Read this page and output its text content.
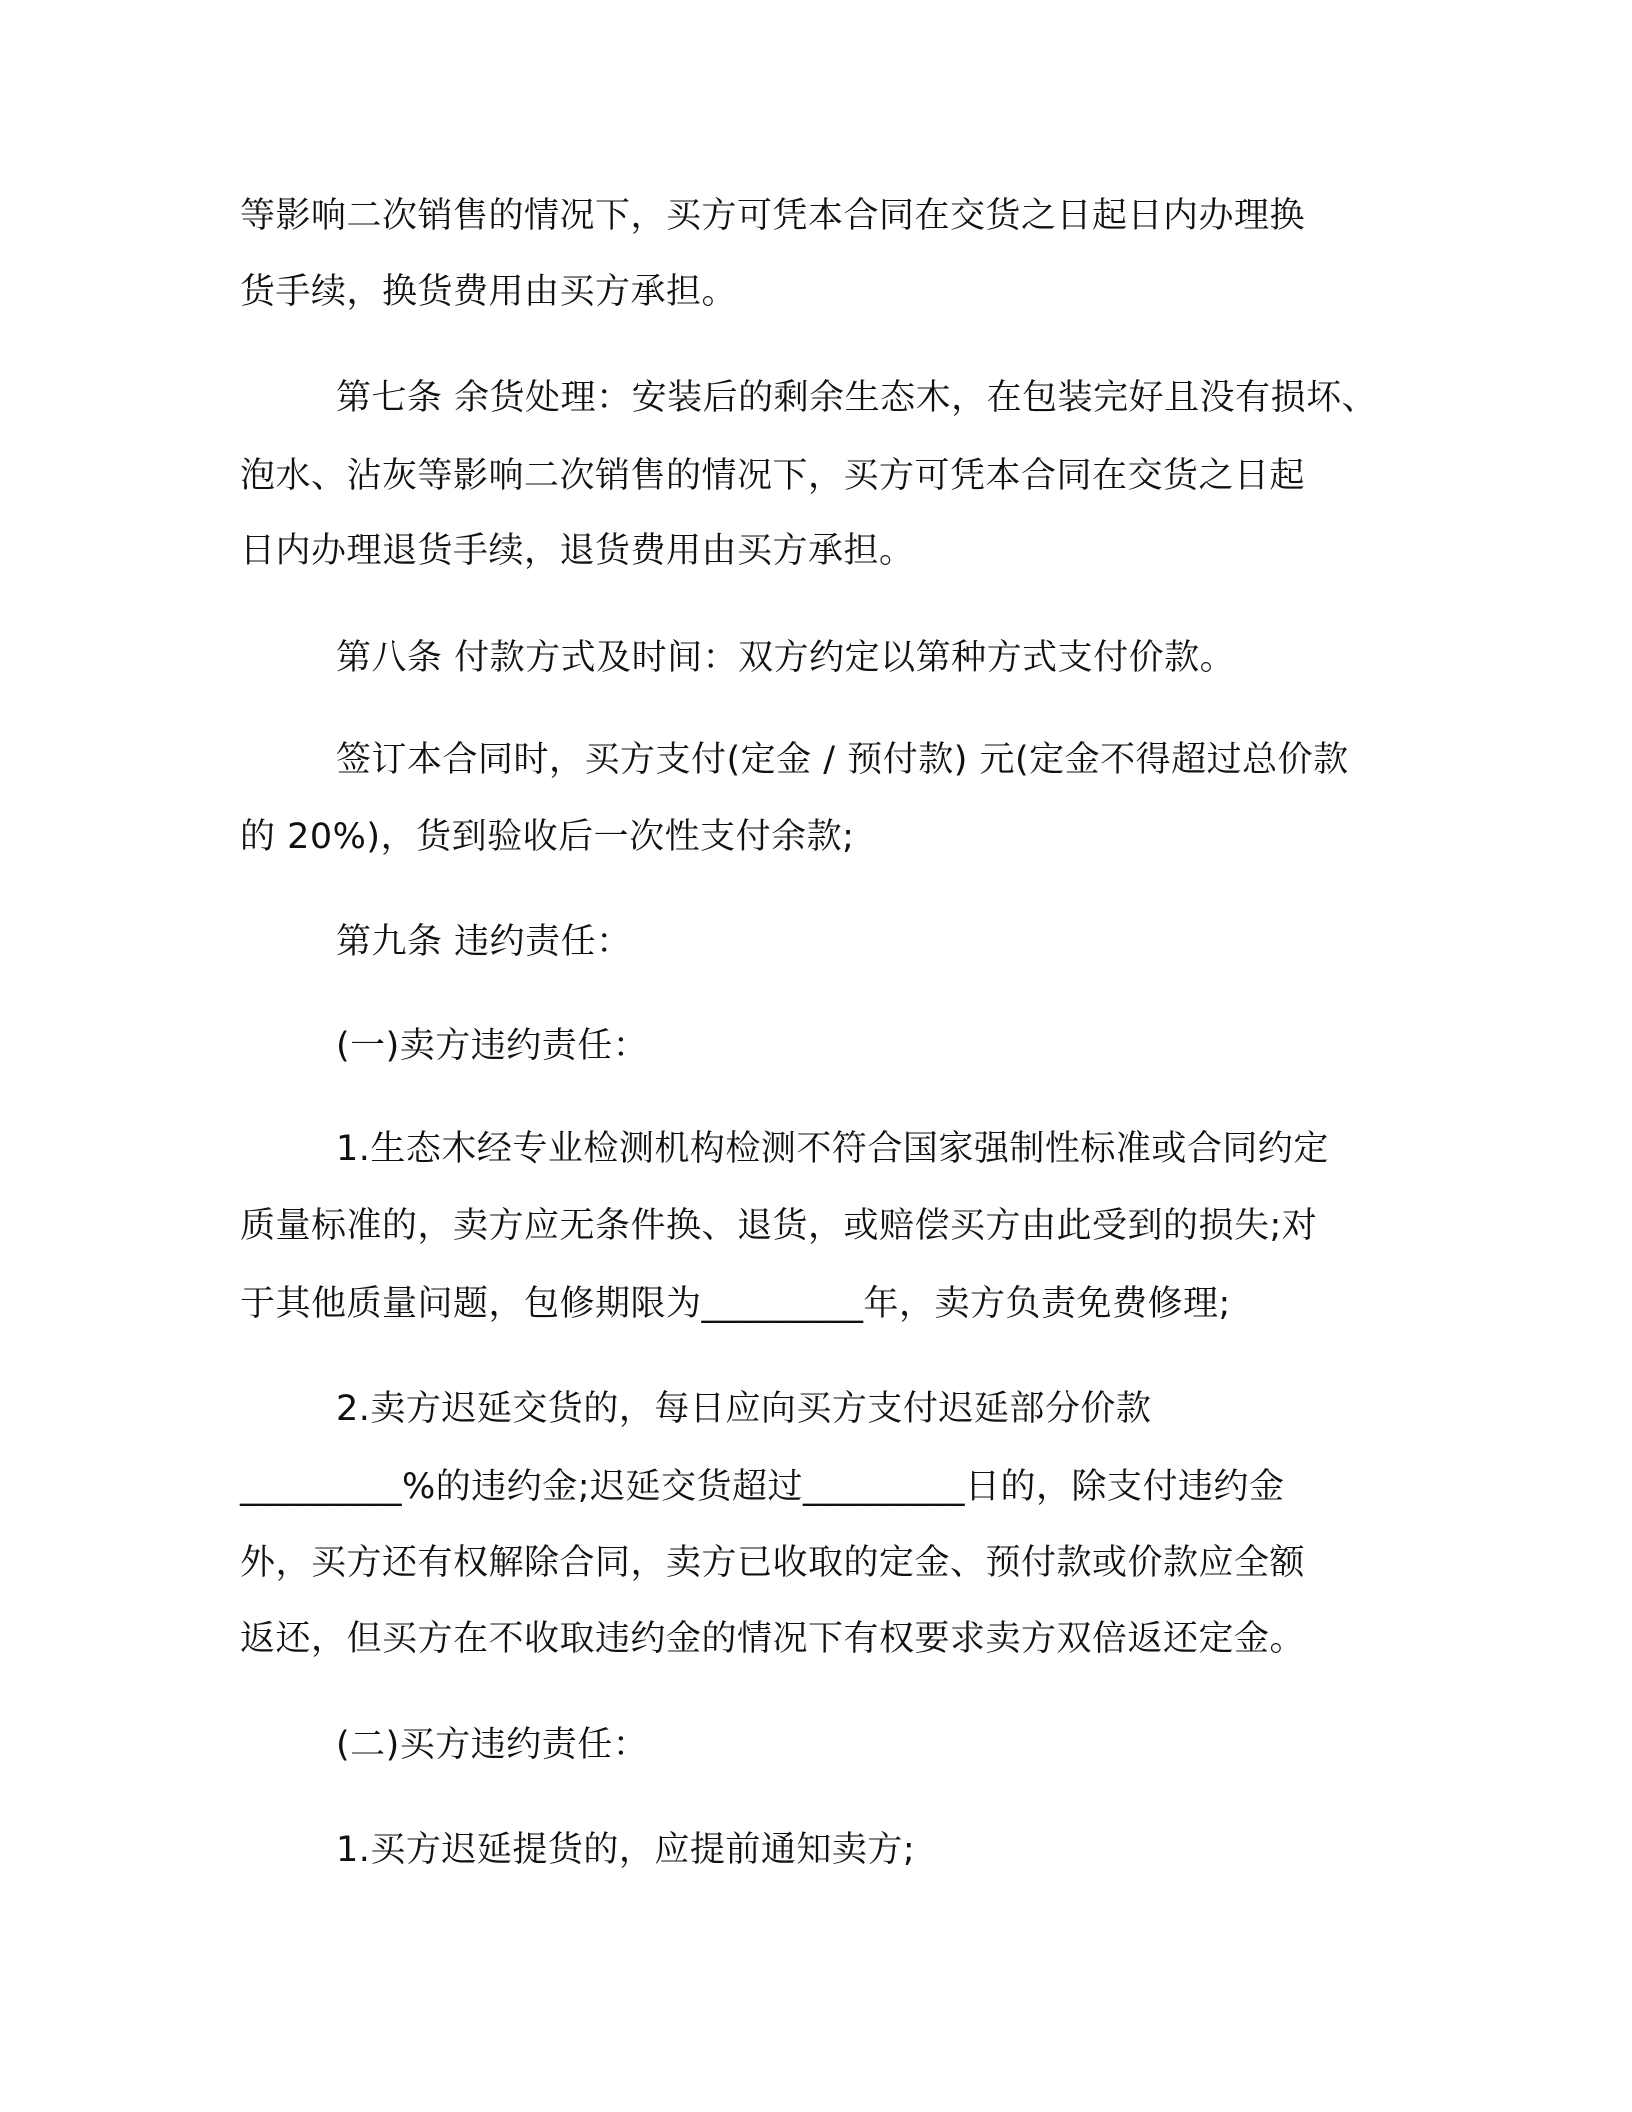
等影响二次销售的情况下，买方可凭本合同在交货之日起日内办理换
货手续，换货费用由买方承担。
第七条 余货处理：安装后的剩余生态木，在包装完好且没有损坏、
泡水、沾灰等影响二次销售的情况下，买方可凭本合同在交货之日起
日内办理退货手续，退货费用由买方承担。
第八条 付款方式及时间：双方约定以第种方式支付价款。
签订本合同时，买方支付(定金 / 预付款) 元(定金不得超过总价款
的 20%)，货到验收后一次性支付余款;
第九条 违约责任：
(一)卖方违约责任：
1.生态木经专业检测机构检测不符合国家强制性标准或合同约定
质量标准的，卖方应无条件换、退货，或赔偿买方由此受到的损失;对
于其他质量问题，包修期限为_________年，卖方负责免费修理;
2.卖方迟延交货的，每日应向买方支付迟延部分价款
_________%的违约金;迟延交货超过_________日的，除支付违约金
外，买方还有权解除合同，卖方已收取的定金、预付款或价款应全额
返还，但买方在不收取违约金的情况下有权要求卖方双倍返还定金。
(二)买方违约责任：
1.买方迟延提货的，应提前通知卖方;
